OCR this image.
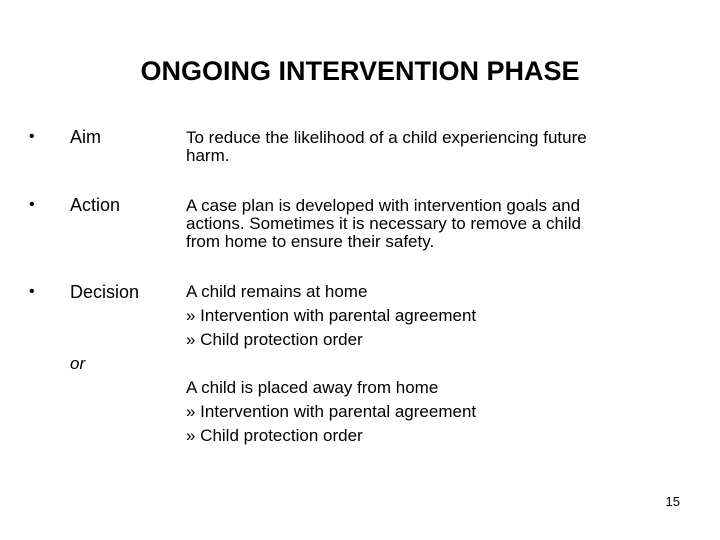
ONGOING INTERVENTION PHASE
• Aim	To reduce the likelihood of a child experiencing future
harm.
• Action	A case plan is developed with intervention goals and
actions. Sometimes it is necessary to remove a child
from home to ensure their safety.
• Decision	A child remains at home
» Intervention with parental agreement
» Child protection order
or
A child is placed away from home
» Intervention with parental agreement
» Child protection order
15
